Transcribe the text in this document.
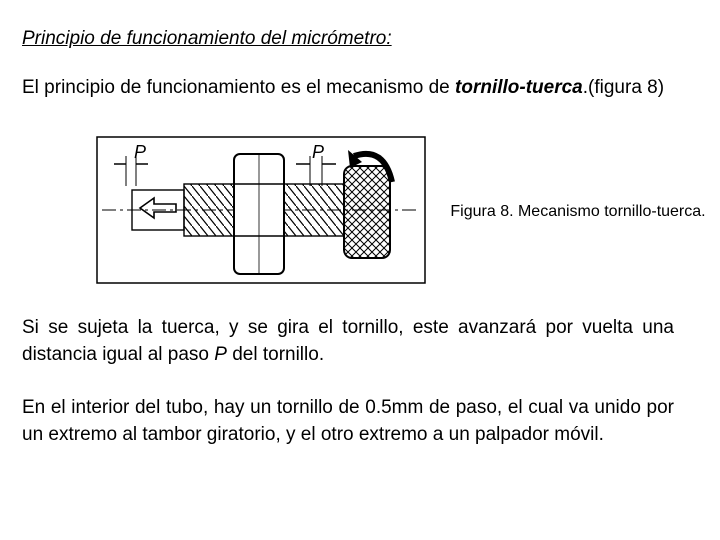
Principio de funcionamiento del micrómetro:
El principio de funcionamiento es el mecanismo de tornillo-tuerca.(figura 8)
P	P
Figura 8. Mecanismo tornillo-tuerca.
Si se sujeta la tuerca, y se gira el tornillo, este avanzará por vuelta una distancia igual al paso P del tornillo.
En el interior del tubo, hay un tornillo de 0.5mm de paso, el cual va unido por un extremo al tambor giratorio, y el otro extremo a un palpador móvil.
